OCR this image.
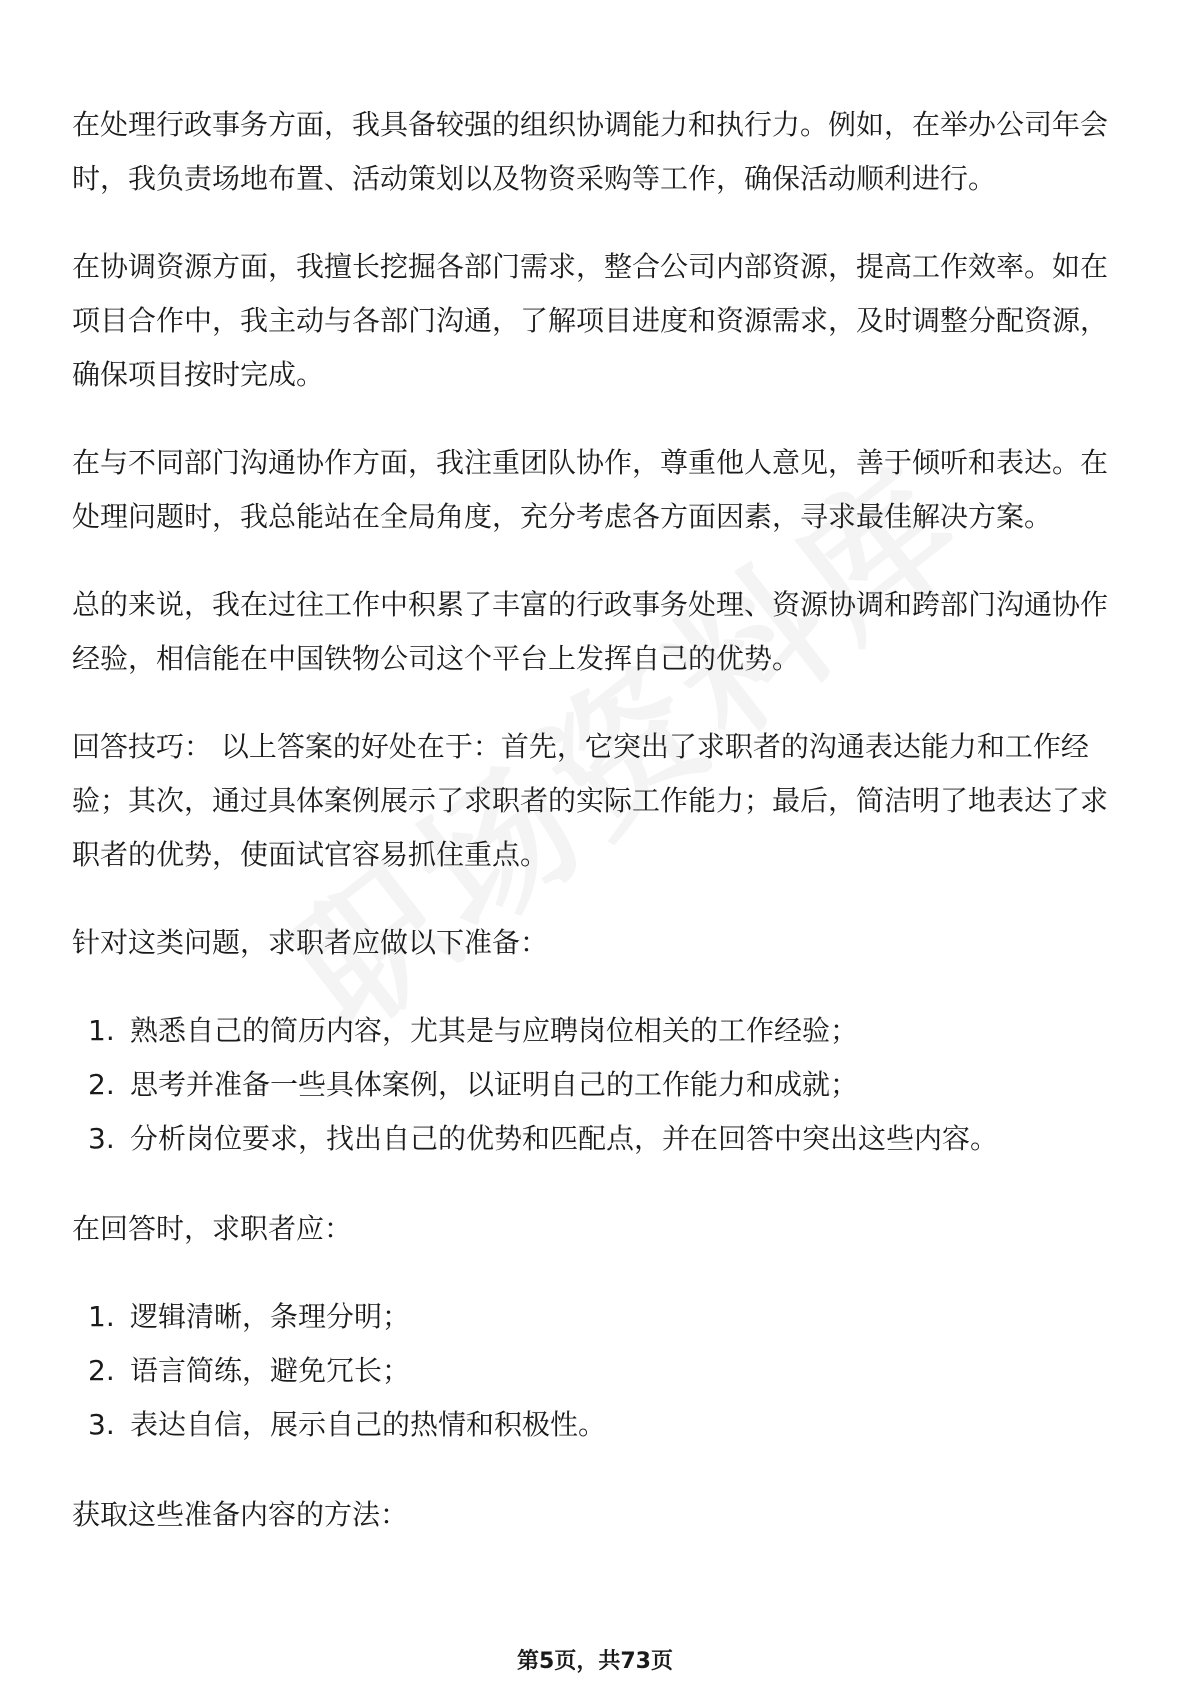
在处理行政事务方面，我具备较强的组织协调能力和执行力。例如，在举办公司年会时，我负责场地布置、活动策划以及物资采购等工作，确保活动顺利进行。

在协调资源方面，我擅长挖掘各部门需求，整合公司内部资源，提高工作效率。如在项目合作中，我主动与各部门沟通，了解项目进度和资源需求，及时调整分配资源，确保项目按时完成。

在与不同部门沟通协作方面，我注重团队协作，尊重他人意见，善于倾听和表达。在处理问题时，我总能站在全局角度，充分考虑各方面因素，寻求最佳解决方案。

总的来说，我在过往工作中积累了丰富的行政事务处理、资源协调和跨部门沟通协作经验，相信能在中国铁物公司这个平台上发挥自己的优势。

回答技巧： 以上答案的好处在于：首先，它突出了求职者的沟通表达能力和工作经验；其次，通过具体案例展示了求职者的实际工作能力；最后，简洁明了地表达了求职者的优势，使面试官容易抓住重点。

针对这类问题，求职者应做以下准备：

1. 熟悉自己的简历内容，尤其是与应聘岗位相关的工作经验；
2. 思考并准备一些具体案例，以证明自己的工作能力和成就；
3. 分析岗位要求，找出自己的优势和匹配点，并在回答中突出这些内容。

在回答时，求职者应：

1. 逻辑清晰，条理分明；
2. 语言简练，避免冗长；
3. 表达自信，展示自己的热情和积极性。

获取这些准备内容的方法：

第5页，共73页
